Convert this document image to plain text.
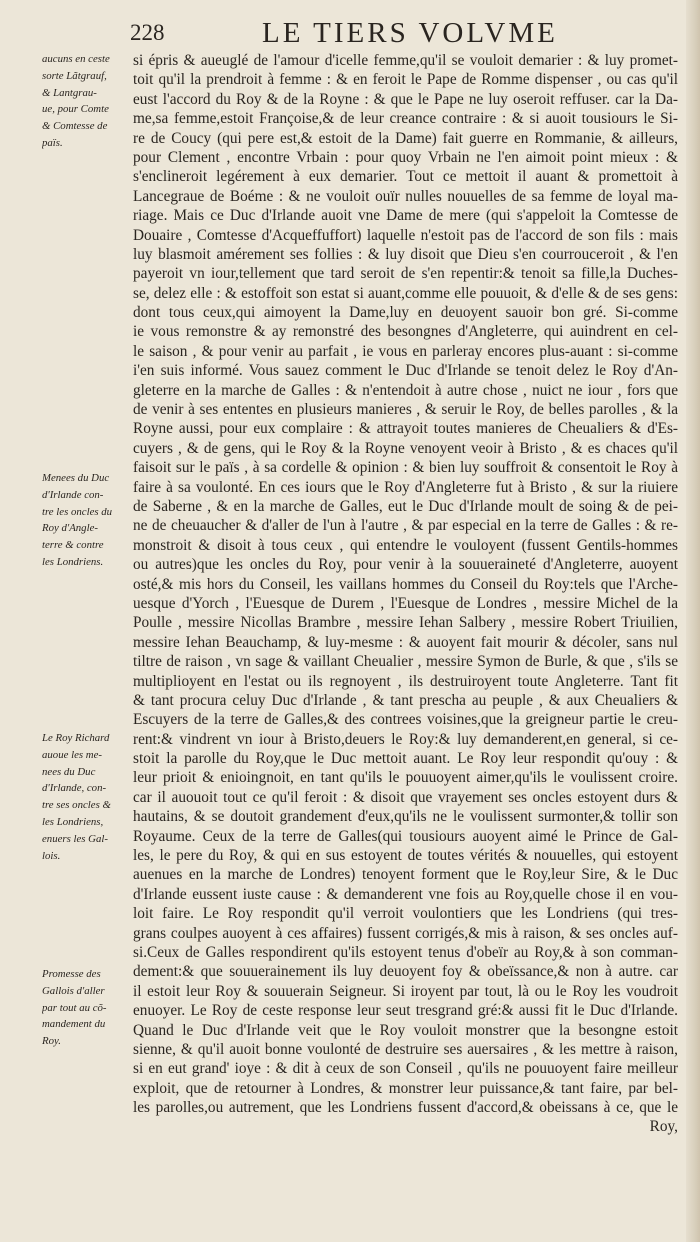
228	LE TIERS VOLVME
aucuns en ceste
sorte Lãtgrauf,
& Lantgrau-
ue, pour Comte
& Comtesse de
païs.
Menees du Duc
d'Irlande con-
tre les oncles du
Roy d'Angle-
terre & contre
les Londriens.
Le Roy Richard
auoue les me-
nees du Duc
d'Irlande, con-
tre ses oncles &
les Londriens,
enuers les Gal-
lois.
Promesse des
Gallois d'aller
par tout au cõ-
mandement du
Roy.
si épris & aueuglé de l'amour d'icelle femme,qu'il se vouloit demarier : & luy promet-
toit qu'il la prendroit à femme : & en feroit le Pape de Romme dispenser , ou cas qu'il
eust l'accord du Roy & de la Royne : & que le Pape ne luy oseroit reffuser. car la Da-
me,sa femme,estoit Françoise,& de leur creance contraire : & si auoit tousiours le Si-
re de Coucy (qui pere est,& estoit de la Dame) fait guerre en Rommanie, & ailleurs,
pour Clement , encontre Vrbain : pour quoy Vrbain ne l'en aimoit point mieux : &
s'enclineroit legérement à eux demarier. Tout ce mettoit il auant & promettoit à
Lancegraue de Boéme : & ne vouloit ouïr nulles nouuelles de sa femme de loyal ma-
riage. Mais ce Duc d'Irlande auoit vne Dame de mere (qui s'appeloit la Comtesse de
Douaire , Comtesse d'Acqueffuffort) laquelle n'estoit pas de l'accord de son fils : mais
luy blasmoit amérement ses follies : & luy disoit que Dieu s'en courrouceroit , & l'en
payeroit vn iour,tellement que tard seroit de s'en repentir:& tenoit sa fille,la Duches-
se, delez elle : & estoffoit son estat si auant,comme elle pouuoit, & d'elle & de ses gens:
dont tous ceux,qui aimoyent la Dame,luy en deuoyent sauoir bon gré. Si-comme
ie vous remonstre & ay remonstré des besongnes d'Angleterre, qui auindrent en cel-
le saison , & pour venir au parfait , ie vous en parleray encores plus-auant : si-comme
i'en suis informé. Vous sauez comment le Duc d'Irlande se tenoit delez le Roy d'An-
gleterre en la marche de Galles : & n'entendoit à autre chose , nuict ne iour , fors que
de venir à ses ententes en plusieurs manieres , & seruir le Roy, de belles parolles , & la
Royne aussi, pour eux complaire : & attrayoit toutes manieres de Cheualiers & d'Es-
cuyers , & de gens, qui le Roy & la Royne venoyent veoir à Bristo , & es chaces qu'il
faisoit sur le païs , à sa cordelle & opinion : & bien luy souffroit & consentoit le Roy à
faire à sa voulonté. En ces iours que le Roy d'Angleterre fut à Bristo , & sur la riuiere
de Saberne , & en la marche de Galles, eut le Duc d'Irlande moult de soing & de pei-
ne de cheuaucher & d'aller de l'un à l'autre , & par especial en la terre de Galles : & re-
monstroit & disoit à tous ceux , qui entendre le vouloyent (fussent Gentils-hommes
ou autres)que les oncles du Roy, pour venir à la souueraineté d'Angleterre, auoyent
osté,& mis hors du Conseil, les vaillans hommes du Conseil du Roy:tels que l'Arche-
uesque d'Yorch , l'Euesque de Durem , l'Euesque de Londres , messire Michel de la
Poulle , messire Nicollas Brambre , messire Iehan Salbery , messire Robert Triuilien,
messire Iehan Beauchamp, & luy-mesme : & auoyent fait mourir & décoler, sans nul
tiltre de raison , vn sage & vaillant Cheualier , messire Symon de Burle, & que , s'ils se
multiplioyent en l'estat ou ils regnoyent , ils destruiroyent toute Angleterre. Tant fit
& tant procura celuy Duc d'Irlande , & tant prescha au peuple , & aux Cheualiers &
Escuyers de la terre de Galles,& des contrees voisines,que la greigneur partie le creu-
rent:& vindrent vn iour à Bristo,deuers le Roy:& luy demanderent,en general, si ce-
stoit la parolle du Roy,que le Duc mettoit auant. Le Roy leur respondit qu'ouy : &
leur prioit & enioingnoit, en tant qu'ils le pouuoyent aimer,qu'ils le voulissent croire.
car il auouoit tout ce qu'il feroit : & disoit que vrayement ses oncles estoyent durs &
hautains, & se doutoit grandement d'eux,qu'ils ne le voulissent surmonter,& tollir son
Royaume. Ceux de la terre de Galles(qui tousiours auoyent aimé le Prince de Gal-
les, le pere du Roy, & qui en sus estoyent de toutes vérités & nouuelles, qui estoyent
auenues en la marche de Londres) tenoyent forment que le Roy,leur Sire, & le Duc
d'Irlande eussent iuste cause : & demanderent vne fois au Roy,quelle chose il en vou-
loit faire. Le Roy respondit qu'il verroit voulontiers que les Londriens (qui tres-
grans coulpes auoyent à ces affaires) fussent corrigés,& mis à raison, & ses oncles auf-
si.Ceux de Galles respondirent qu'ils estoyent tenus d'obeïr au Roy,& à son comman-
dement:& que souuerainement ils luy deuoyent foy & obeïssance,& non à autre. car
il estoit leur Roy & souuerain Seigneur. Si iroyent par tout, là ou le Roy les voudroit
enuoyer. Le Roy de ceste response leur seut tresgrand gré:& aussi fit le Duc d'Irlande.
Quand le Duc d'Irlande veit que le Roy vouloit monstrer que la besongne estoit
sienne, & qu'il auoit bonne voulonté de destruire ses auersaires , & les mettre à raison,
si en eut grand' ioye : & dit à ceux de son Conseil , qu'ils ne pouuoyent faire meilleur
exploit, que de retourner à Londres, & monstrer leur puissance,& tant faire, par bel-
les parolles,ou autrement, que les Londriens fussent d'accord,& obeissans à ce, que le
Roy,
